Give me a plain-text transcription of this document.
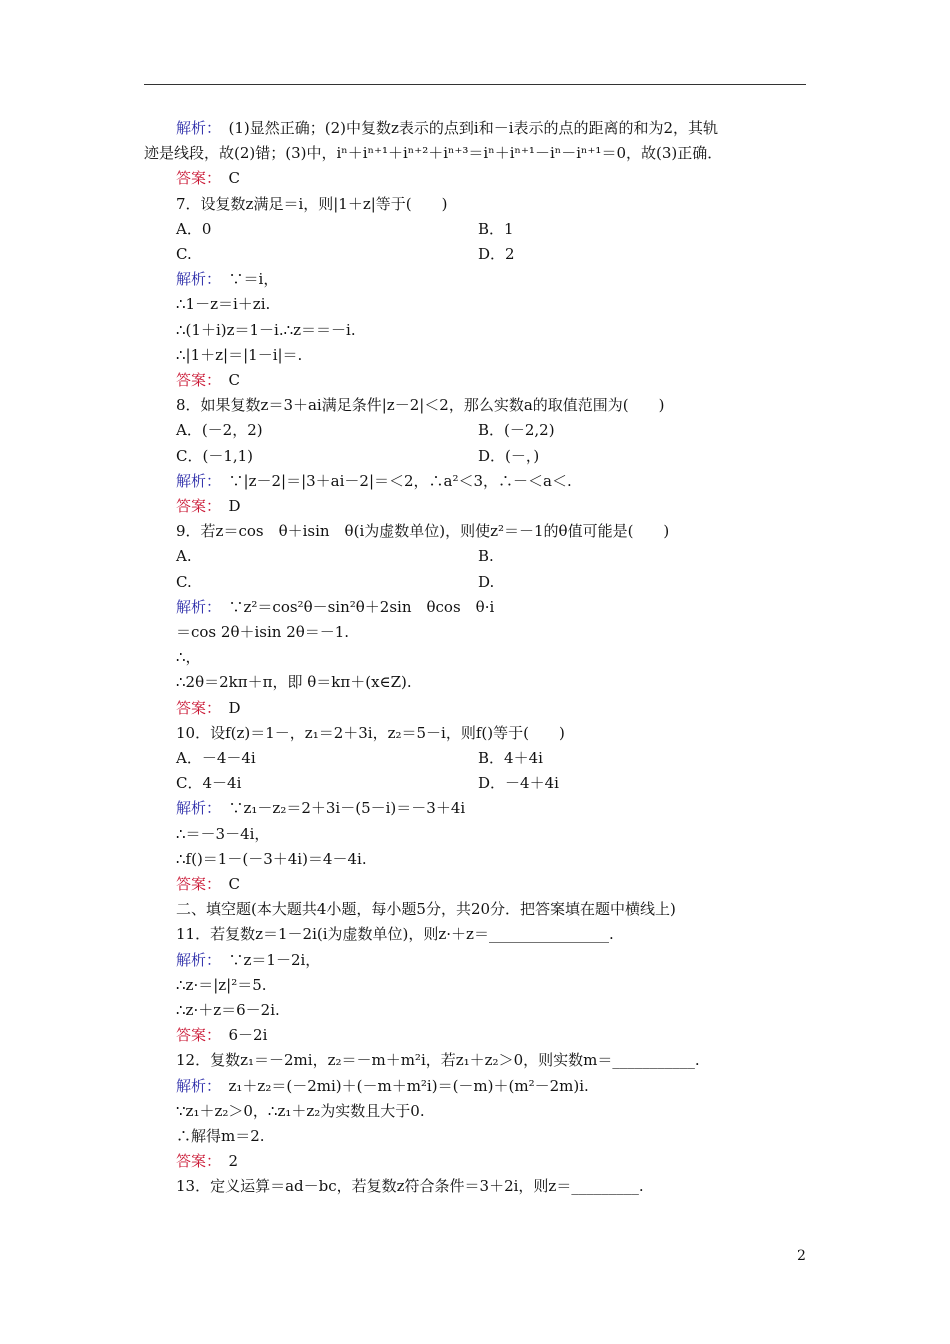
解析：　(1)显然正确；(2)中复数z表示的点到i和－i表示的点的距离的和为2，其轨
迹是线段，故(2)错；(3)中，iⁿ＋iⁿ⁺¹＋iⁿ⁺²＋iⁿ⁺³＝iⁿ＋iⁿ⁺¹－iⁿ－iⁿ⁺¹＝0，故(3)正确．
答案：　C
7．设复数z满足＝i，则|1＋z|等于(　　)
A．0	B．1
C.	D．2
解析：　∵＝i，
∴1－z＝i＋zi.
∴(1＋i)z＝1－i.∴z＝＝－i.
∴|1＋z|＝|1－i|＝.
答案：　C
8．如果复数z＝3＋ai满足条件|z－2|＜2，那么实数a的取值范围为(　　)
A．(－2，2)	B．(－2,2)
C．(－1,1)	D．(－，)
解析：　∵|z－2|＝|3＋ai－2|＝＜2，∴a²＜3，∴－＜a＜.
答案：　D
9．若z＝cos　θ＋isin　θ(i为虚数单位)，则使z²＝－1的θ值可能是(　　)
A.	B.
C.	D.
解析：　∵z²＝cos²θ－sin²θ＋2sin　θcos　θ·i
＝cos 2θ＋isin 2θ＝－1.
∴，
∴2θ＝2kπ＋π，即 θ＝kπ＋(x∈Z).
答案：　D
10．设f(z)＝1－，z₁＝2＋3i，z₂＝5－i，则f()等于(　　)
A．－4－4i	B．4＋4i
C．4－4i	D．－4＋4i
解析：　∵z₁－z₂＝2＋3i－(5－i)＝－3＋4i
∴＝－3－4i，
∴f()＝1－(－3＋4i)＝4－4i.
答案：　C
二、填空题(本大题共4小题，每小题5分，共20分．把答案填在题中横线上)
11．若复数z＝1－2i(i为虚数单位)，则z·＋z＝________________.
解析：　∵z＝1－2i，
∴z·＝|z|²＝5.
∴z·＋z＝6－2i.
答案：　6－2i
12．复数z₁＝－2mi，z₂＝－m＋m²i，若z₁＋z₂＞0，则实数m＝___________.
解析：　z₁＋z₂＝(－2mi)＋(－m＋m²i)＝(－m)＋(m²－2m)i.
∵z₁＋z₂＞0，∴z₁＋z₂为实数且大于0.
∴解得m＝2.
答案：　2
13．定义运算＝ad－bc，若复数z符合条件＝3＋2i，则z＝_________.
2
